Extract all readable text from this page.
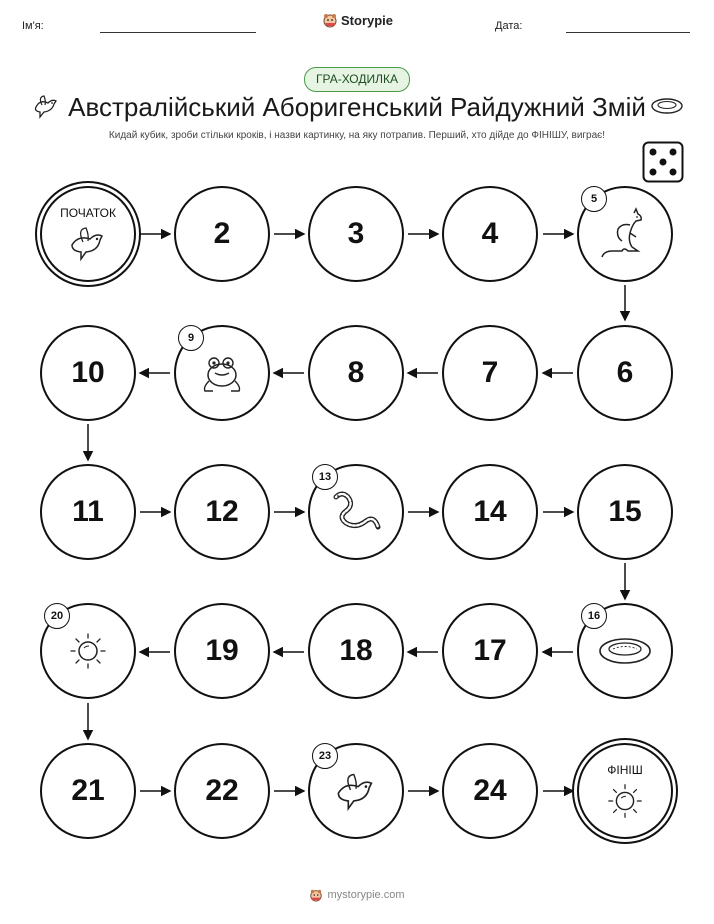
Ім'я:	Storypie	Дата:
ГРА-ХОДИЛКА
Австралійський Аборигенський Райдужний Змій
Кидай кубик, зроби стільки кроків, і назви картинку, на яку потрапив. Перший, хто дійде до ФІНІШУ, виграє!
ПОЧАТОК
2	3	4
5
10
9
8	7	6
11	12
13
14	15
20
19	18	17
16
21	22
23
24
ФІНІШ
mystorypie.com
